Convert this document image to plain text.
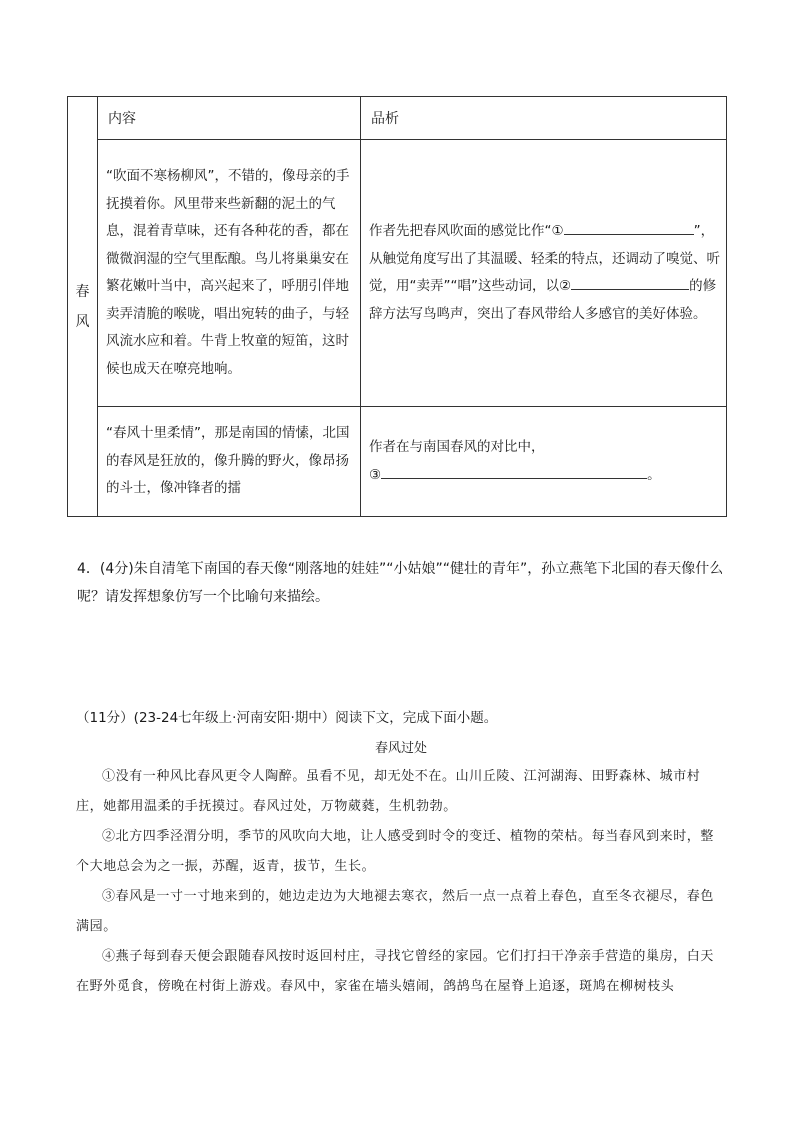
春
风	内容	品析
	“吹面不寒杨柳风”，不错的，像母亲的手抚摸着你。风里带来些新翻的泥土的气息，混着青草味，还有各种花的香，都在微微润湿的空气里酝酿。鸟儿将巢巢安在繁花嫩叶当中，高兴起来了，呼朋引伴地卖弄清脆的喉咙，唱出宛转的曲子，与轻风流水应和着。牛背上牧童的短笛，这时候也成天在嘹亮地响。	作者先把春风吹面的感觉比作“① ”，从触觉角度写出了其温暖、轻柔的特点，还调动了嗅觉、听觉，用“卖弄”“唱”这些动词，以② 的修辞方法写鸟鸣声，突出了春风带给人多感官的美好体验。
	“春风十里柔情”，那是南国的情愫，北国的春风是狂放的，像升腾的野火，像昂扬的斗士，像冲锋者的擂	作者在与南国春风的对比中，
③ 。
4．(4分)朱自清笔下南国的春天像“刚落地的娃娃”“小姑娘”“健壮的青年”，孙立燕笔下北国的春天像什么呢？请发挥想象仿写一个比喻句来描绘。
（11分）(23-24七年级上·河南安阳·期中）阅读下文，完成下面小题。
春风过处

①没有一种风比春风更令人陶醉。虽看不见，却无处不在。山川丘陵、江河湖海、田野森林、城市村庄，她都用温柔的手抚摸过。春风过处，万物葳蕤，生机勃勃。

②北方四季泾渭分明，季节的风吹向大地，让人感受到时令的变迁、植物的荣枯。每当春风到来时，整个大地总会为之一振，苏醒，返青，拔节，生长。

③春风是一寸一寸地来到的，她边走边为大地褪去寒衣，然后一点一点着上春色，直至冬衣褪尽，春色满园。

④燕子每到春天便会跟随春风按时返回村庄，寻找它曾经的家园。它们打扫干净亲手营造的巢房，白天在野外觅食，傍晚在村街上游戏。春风中，家雀在墙头嬉闹，鸽鸪鸟在屋脊上追逐，斑鸠在柳树枝头
